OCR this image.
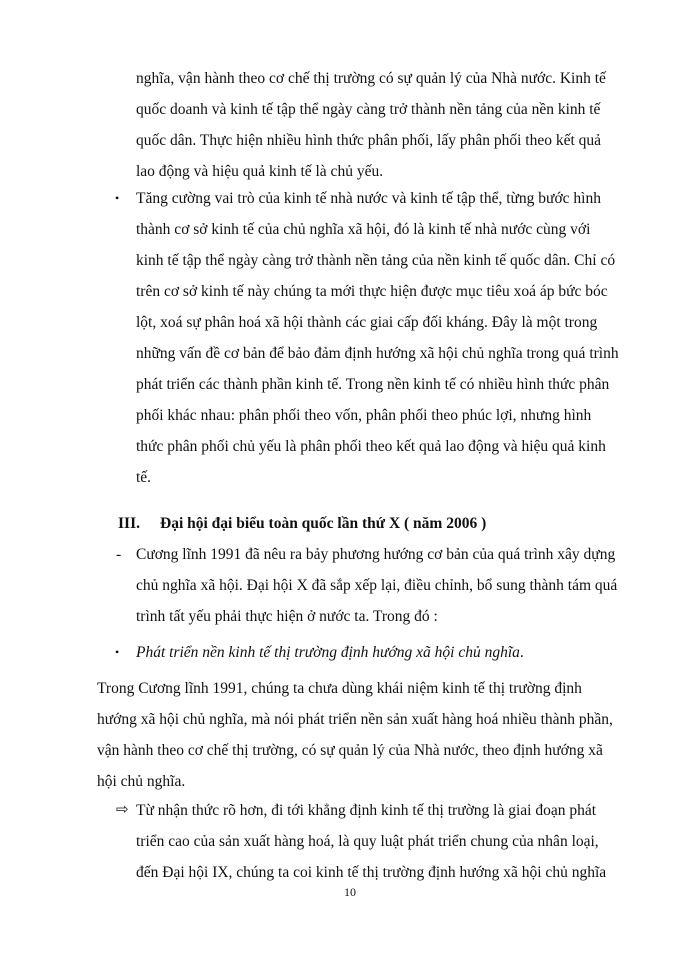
nghĩa, vận hành theo cơ chế thị trường có sự quản lý của Nhà nước. Kinh tế
quốc doanh và kinh tế tập thể ngày càng trở thành nền tảng của nền kinh tế
quốc dân. Thực hiện nhiều hình thức phân phối, lấy phân phối theo kết quả
lao động và hiệu quả kinh tế là chủ yếu.
• Tăng cường vai trò của kinh tế nhà nước và kinh tế tập thể, từng bước hình
thành cơ sở kinh tế của chủ nghĩa xã hội, đó là kinh tế nhà nước cùng với
kinh tế tập thể ngày càng trở thành nền tảng của nền kinh tế quốc dân. Chỉ có
trên cơ sở kinh tế này chúng ta mới thực hiện được mục tiêu xoá áp bức bóc
lột, xoá sự phân hoá xã hội thành các giai cấp đối kháng. Đây là một trong
những vấn đề cơ bản để bảo đảm định hướng xã hội chủ nghĩa trong quá trình
phát triển các thành phần kinh tế. Trong nền kinh tế có nhiều hình thức phân
phối khác nhau: phân phối theo vốn, phân phối theo phúc lợi, nhưng hình
thức phân phối chủ yếu là phân phối theo kết quả lao động và hiệu quả kinh
tế.
III. Đại hội đại biểu toàn quốc lần thứ X ( năm 2006 )
- Cương lĩnh 1991 đã nêu ra bảy phương hướng cơ bản của quá trình xây dựng
chủ nghĩa xã hội. Đại hội X đã sắp xếp lại, điều chỉnh, bổ sung thành tám quá
trình tất yếu phải thực hiện ở nước ta. Trong đó :
• Phát triển nền kinh tế thị trường định hướng xã hội chủ nghĩa.
Trong Cương lĩnh 1991, chúng ta chưa dùng khái niệm kinh tế thị trường định
hướng xã hội chủ nghĩa, mà nói phát triển nền sản xuất hàng hoá nhiều thành phần,
vận hành theo cơ chế thị trường, có sự quản lý của Nhà nước, theo định hướng xã
hội chủ nghĩa.
⇨ Từ nhận thức rõ hơn, đi tới khẳng định kinh tế thị trường là giai đoạn phát
triển cao của sản xuất hàng hoá, là quy luật phát triển chung của nhân loại,
đến Đại hội IX, chúng ta coi kinh tế thị trường định hướng xã hội chủ nghĩa
10
